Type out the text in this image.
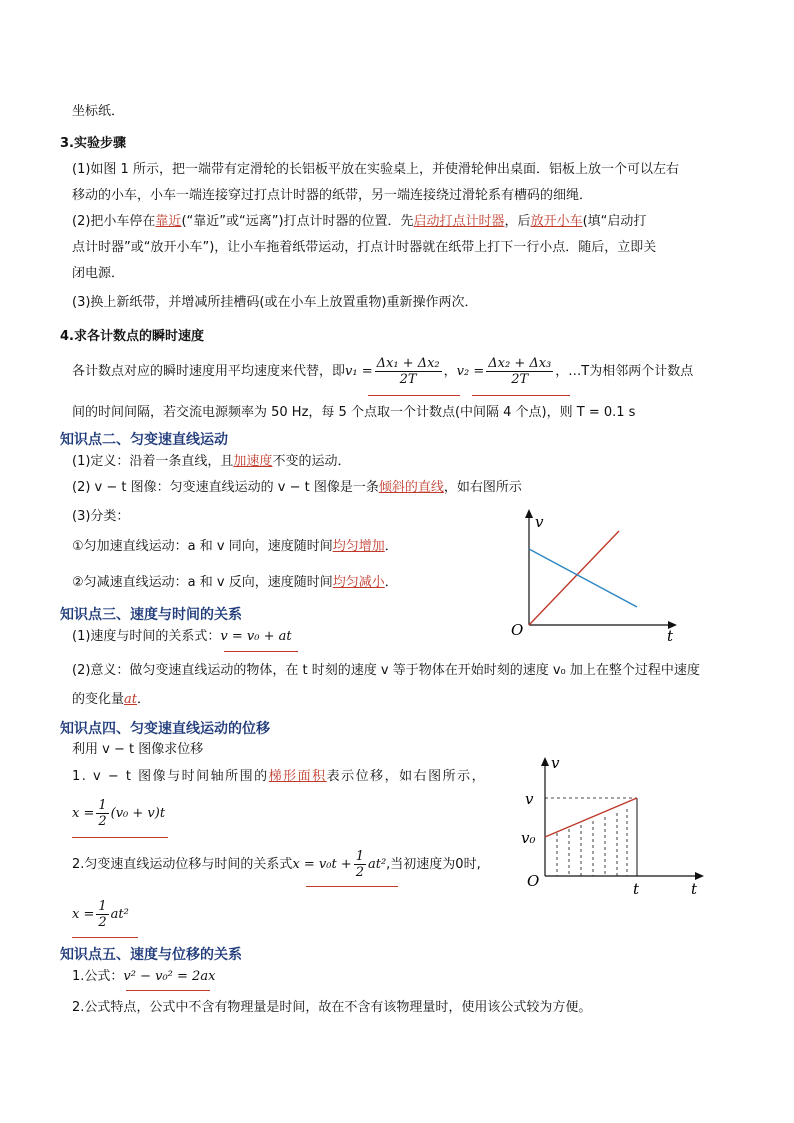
坐标纸．
3.实验步骤
(1)如图 1 所示，把一端带有定滑轮的长铝板平放在实验桌上，并使滑轮伸出桌面．铝板上放一个可以左右
移动的小车，小车一端连接穿过打点计时器的纸带，另一端连接绕过滑轮系有槽码的细绳．
(2)把小车停在靠近(“靠近”或“远离”)打点计时器的位置．先启动打点计时器，后放开小车(填“启动打
点计时器”或“放开小车”)，让小车拖着纸带运动，打点计时器就在纸带上打下一行小点．随后，立即关
闭电源．
(3)换上新纸带，并增减所挂槽码(或在小车上放置重物)重新操作两次．
4.求各计数点的瞬时速度
各计数点对应的瞬时速度用平均速度来代替，即$v_1 = \frac{\text{Δx₁ + Δx₂}}{2T}$ ，$v_2 = \frac{\text{Δx₂ + Δx₃}}{2T}$ ，…T为相邻两个计数点
间的时间间隔，若交流电源频率为 50 Hz，每 5 个点取一个计数点(中间隔 4 个点)，则 T = 0.1 s
知识点二、匀变速直线运动
(1)定义：沿着一条直线，且加速度不变的运动．
(2) v − t 图像：匀变速直线运动的 v − t 图像是一条倾斜的直线，如右图所示
(3)分类：
①匀加速直线运动：a 和 v 同向，速度随时间均匀增加．
②匀减速直线运动：a 和 v 反向，速度随时间均匀减小．
v
t
O
知识点三、速度与时间的关系
(1)速度与时间的关系式：v = v₀ + at
(2)意义：做匀变速直线运动的物体，在 t 时刻的速度 v 等于物体在开始时刻的速度 v₀ 加上在整个过程中速度
的变化量at．
知识点四、匀变速直线运动的位移
利用 v − t 图像求位移
1. v − t 图像与时间轴所围的梯形面积表示位移，如右图所示，
$x = \frac{1}{2} (v_0 + v)t$
2.匀变速直线运动位移与时间的关系式$x = v_0t + \frac{1}{2} at^2$,当初速度为0时,
$x = \frac{1}{2} at^2$
v
v
v₀
O	t	t
知识点五、速度与位移的关系
1.公式：v² − v₀² = 2ax
2.公式特点，公式中不含有物理量是时间，故在不含有该物理量时，使用该公式较为方便。
